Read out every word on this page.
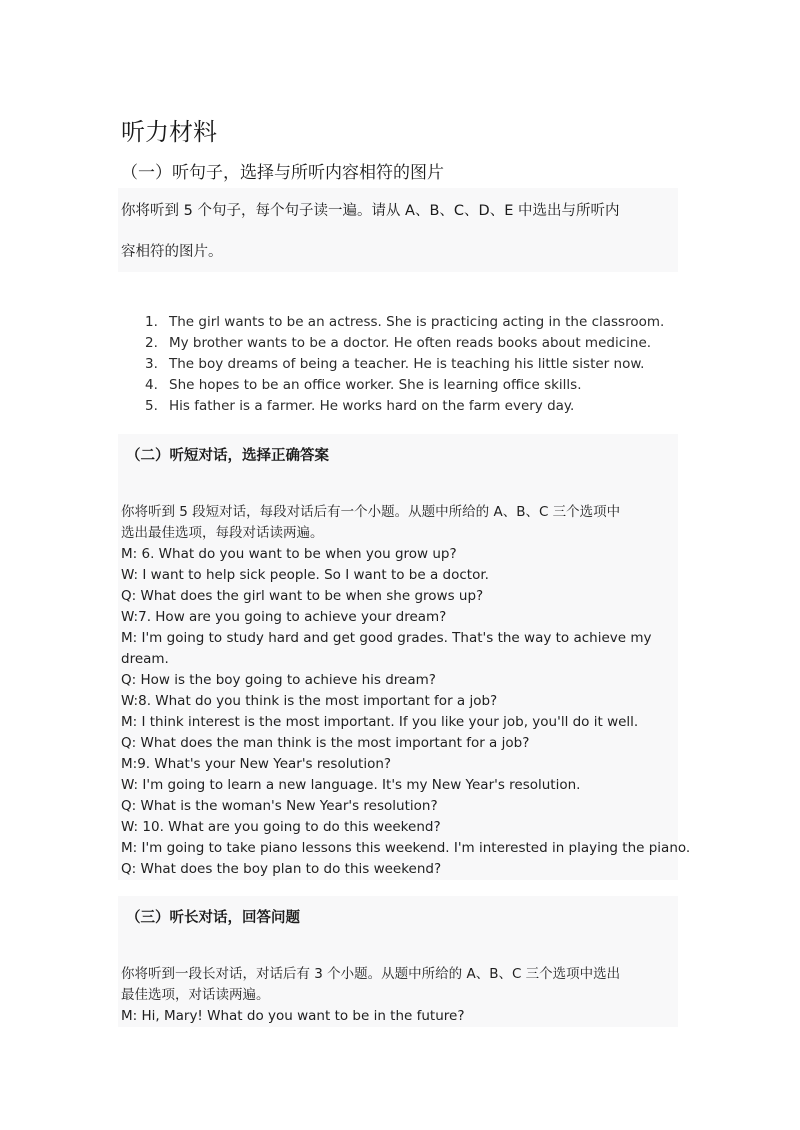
听力材料
（一）听句子，选择与所听内容相符的图片
你将听到 5 个句子，每个句子读一遍。请从 A、B、C、D、E 中选出与所听内
容相符的图片。
1. The girl wants to be an actress. She is practicing acting in the classroom.
2. My brother wants to be a doctor. He often reads books about medicine.
3. The boy dreams of being a teacher. He is teaching his little sister now.
4. She hopes to be an office worker. She is learning office skills.
5. His father is a farmer. He works hard on the farm every day.
（二）听短对话，选择正确答案
你将听到 5 段短对话，每段对话后有一个小题。从题中所给的 A、B、C 三个选项中
选出最佳选项，每段对话读两遍。
M: 6. What do you want to be when you grow up?
W: I want to help sick people. So I want to be a doctor.
Q: What does the girl want to be when she grows up?
W:7. How are you going to achieve your dream?
M: I'm going to study hard and get good grades. That's the way to achieve my
dream.
Q: How is the boy going to achieve his dream?
W:8. What do you think is the most important for a job?
M: I think interest is the most important. If you like your job, you'll do it well.
Q: What does the man think is the most important for a job?
M:9. What's your New Year's resolution?
W: I'm going to learn a new language. It's my New Year's resolution.
Q: What is the woman's New Year's resolution?
W: 10. What are you going to do this weekend?
M: I'm going to take piano lessons this weekend. I'm interested in playing the piano.
Q: What does the boy plan to do this weekend?
（三）听长对话，回答问题
你将听到一段长对话，对话后有 3 个小题。从题中所给的 A、B、C 三个选项中选出
最佳选项，对话读两遍。
M: Hi, Mary! What do you want to be in the future?
